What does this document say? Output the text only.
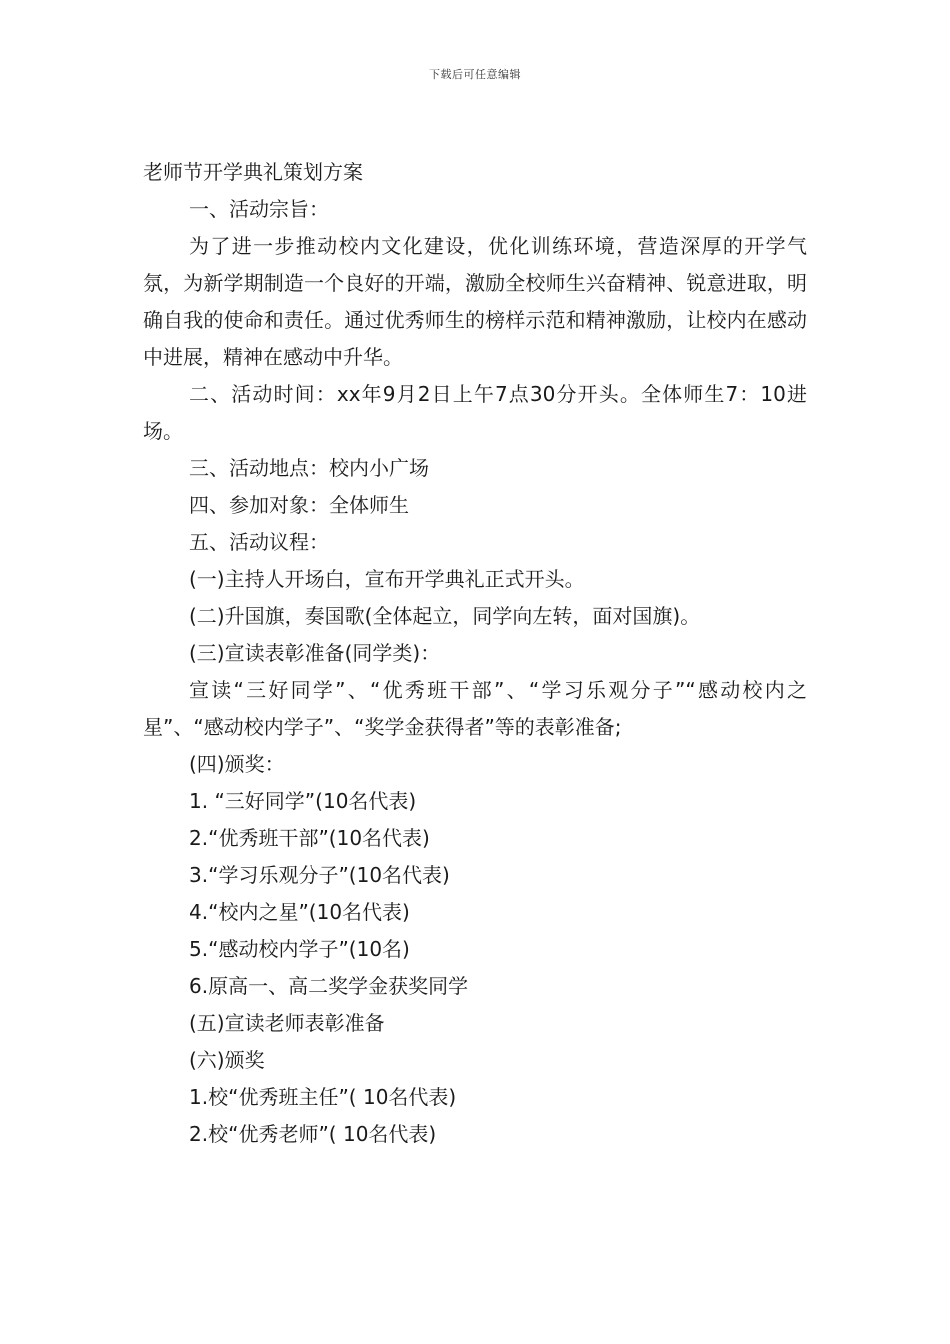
下载后可任意编辑

老师节开学典礼策划方案

一、活动宗旨：

为了进一步推动校内文化建设，优化训练环境，营造深厚的开学气氛，为新学期制造一个良好的开端，激励全校师生兴奋精神、锐意进取，明确自我的使命和责任。通过优秀师生的榜样示范和精神激励，让校内在感动中进展，精神在感动中升华。

二、活动时间：xx年9月2日上午7点30分开头。全体师生7：10进场。

三、活动地点：校内小广场

四、参加对象：全体师生

五、活动议程：

(一)主持人开场白，宣布开学典礼正式开头。

(二)升国旗，奏国歌(全体起立，同学向左转，面对国旗)。

(三)宣读表彰准备(同学类)：

宣读“三好同学”、“优秀班干部”、“学习乐观分子”“感动校内之星”、“感动校内学子”、“奖学金获得者”等的表彰准备;

(四)颁奖：

1. “三好同学”(10名代表)

2.“优秀班干部”(10名代表)

3.“学习乐观分子”(10名代表)

4.“校内之星”(10名代表)

5.“感动校内学子”(10名)

6.原高一、高二奖学金获奖同学

(五)宣读老师表彰准备

(六)颁奖

1.校“优秀班主任”( 10名代表)

2.校“优秀老师”( 10名代表)
